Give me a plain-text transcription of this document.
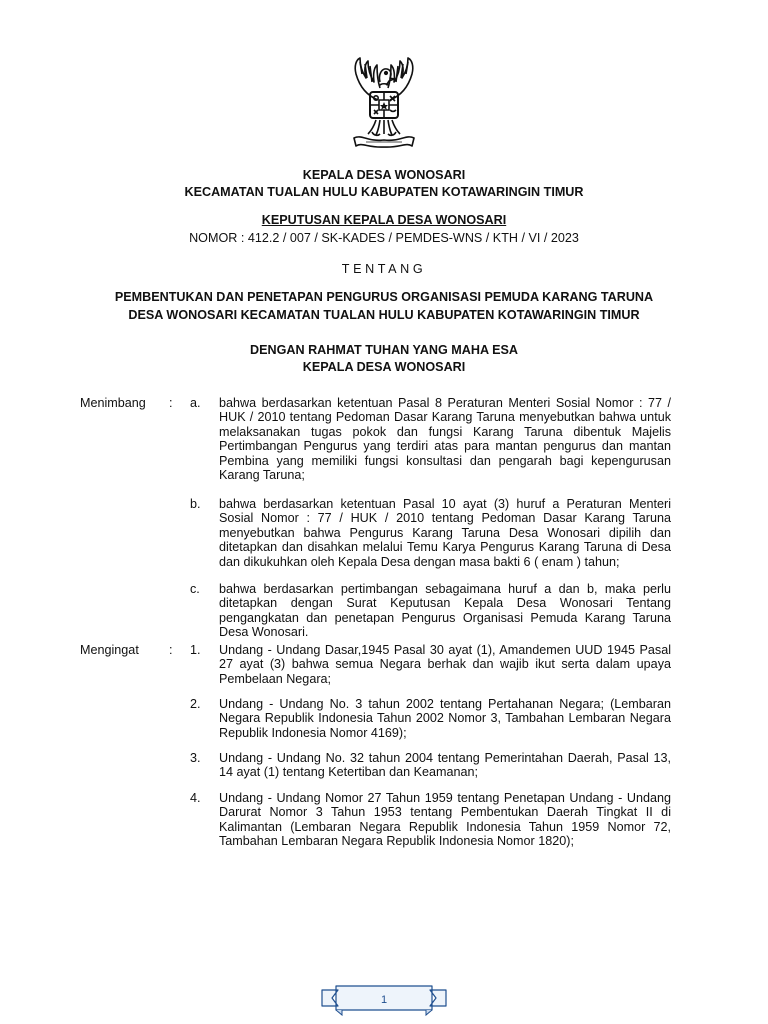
KEPALA DESA WONOSARI
KECAMATAN TUALAN HULU KABUPATEN KOTAWARINGIN TIMUR
KEPUTUSAN KEPALA DESA WONOSARI
NOMOR : 412.2 / 007 / SK-KADES / PEMDES-WNS / KTH / VI / 2023
TENTANG
PEMBENTUKAN DAN PENETAPAN PENGURUS ORGANISASI PEMUDA KARANG TARUNA
DESA WONOSARI KECAMATAN TUALAN HULU KABUPATEN KOTAWARINGIN TIMUR
DENGAN RAHMAT TUHAN YANG MAHA ESA
KEPALA DESA WONOSARI
Menimbang	: a. bahwa berdasarkan ketentuan Pasal 8 Peraturan Menteri Sosial Nomor : 77 / HUK / 2010 tentang Pedoman Dasar Karang Taruna menyebutkan bahwa untuk melaksanakan tugas pokok dan fungsi Karang Taruna dibentuk Majelis Pertimbangan Pengurus yang terdiri atas para mantan pengurus dan mantan Pembina yang memiliki fungsi konsultasi dan pengarah bagi kepengurusan Karang Taruna;
b. bahwa berdasarkan ketentuan Pasal 10 ayat (3) huruf a Peraturan Menteri Sosial Nomor : 77 / HUK / 2010 tentang Pedoman Dasar Karang Taruna menyebutkan bahwa Pengurus Karang Taruna Desa Wonosari dipilih dan ditetapkan dan disahkan melalui Temu Karya Pengurus Karang Taruna di Desa dan dikukuhkan oleh Kepala Desa dengan masa bakti 6 ( enam ) tahun;
c. bahwa berdasarkan pertimbangan sebagaimana huruf a dan b, maka perlu ditetapkan dengan Surat Keputusan Kepala Desa Wonosari Tentang pengangkatan dan penetapan Pengurus Organisasi Pemuda Karang Taruna Desa Wonosari.
Mengingat	: 1. Undang - Undang Dasar,1945 Pasal 30 ayat (1), Amandemen UUD 1945 Pasal 27 ayat (3) bahwa semua Negara berhak dan wajib ikut serta dalam upaya Pembelaan Negara;
2. Undang - Undang No. 3 tahun 2002 tentang Pertahanan Negara; (Lembaran Negara Republik Indonesia Tahun 2002 Nomor 3, Tambahan Lembaran Negara Republik Indonesia Nomor 4169);
3. Undang - Undang No. 32 tahun 2004 tentang Pemerintahan Daerah, Pasal 13, 14 ayat (1) tentang Ketertiban dan Keamanan;
4. Undang - Undang Nomor 27 Tahun 1959 tentang Penetapan Undang - Undang Darurat Nomor 3 Tahun 1953 tentang Pembentukan Daerah Tingkat II di Kalimantan (Lembaran Negara Republik Indonesia Tahun 1959 Nomor 72, Tambahan Lembaran Negara Republik Indonesia Nomor 1820);
1
